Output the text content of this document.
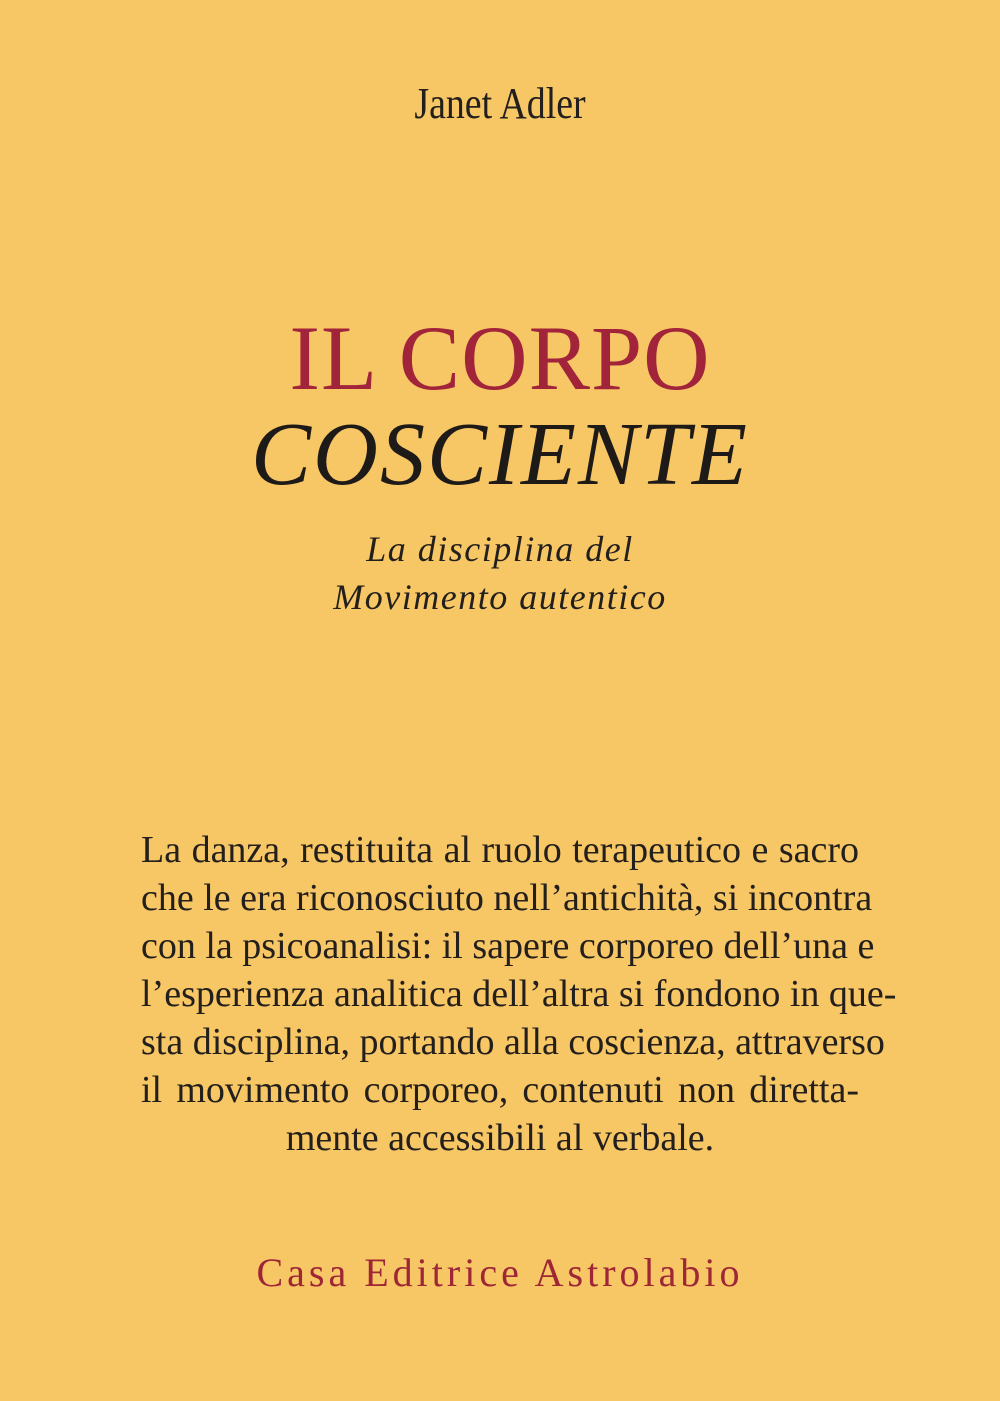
Janet Adler
IL CORPO
COSCIENTE
La disciplina del
Movimento autentico
La danza, restituita al ruolo terapeutico e sacro
che le era riconosciuto nell’antichità, si incontra
con la psicoanalisi: il sapere corporeo dell’una e
l’esperienza analitica dell’altra si fondono in que-
sta disciplina, portando alla coscienza, attraverso
il movimento corporeo, contenuti non diretta-
mente accessibili al verbale.
Casa Editrice Astrolabio
